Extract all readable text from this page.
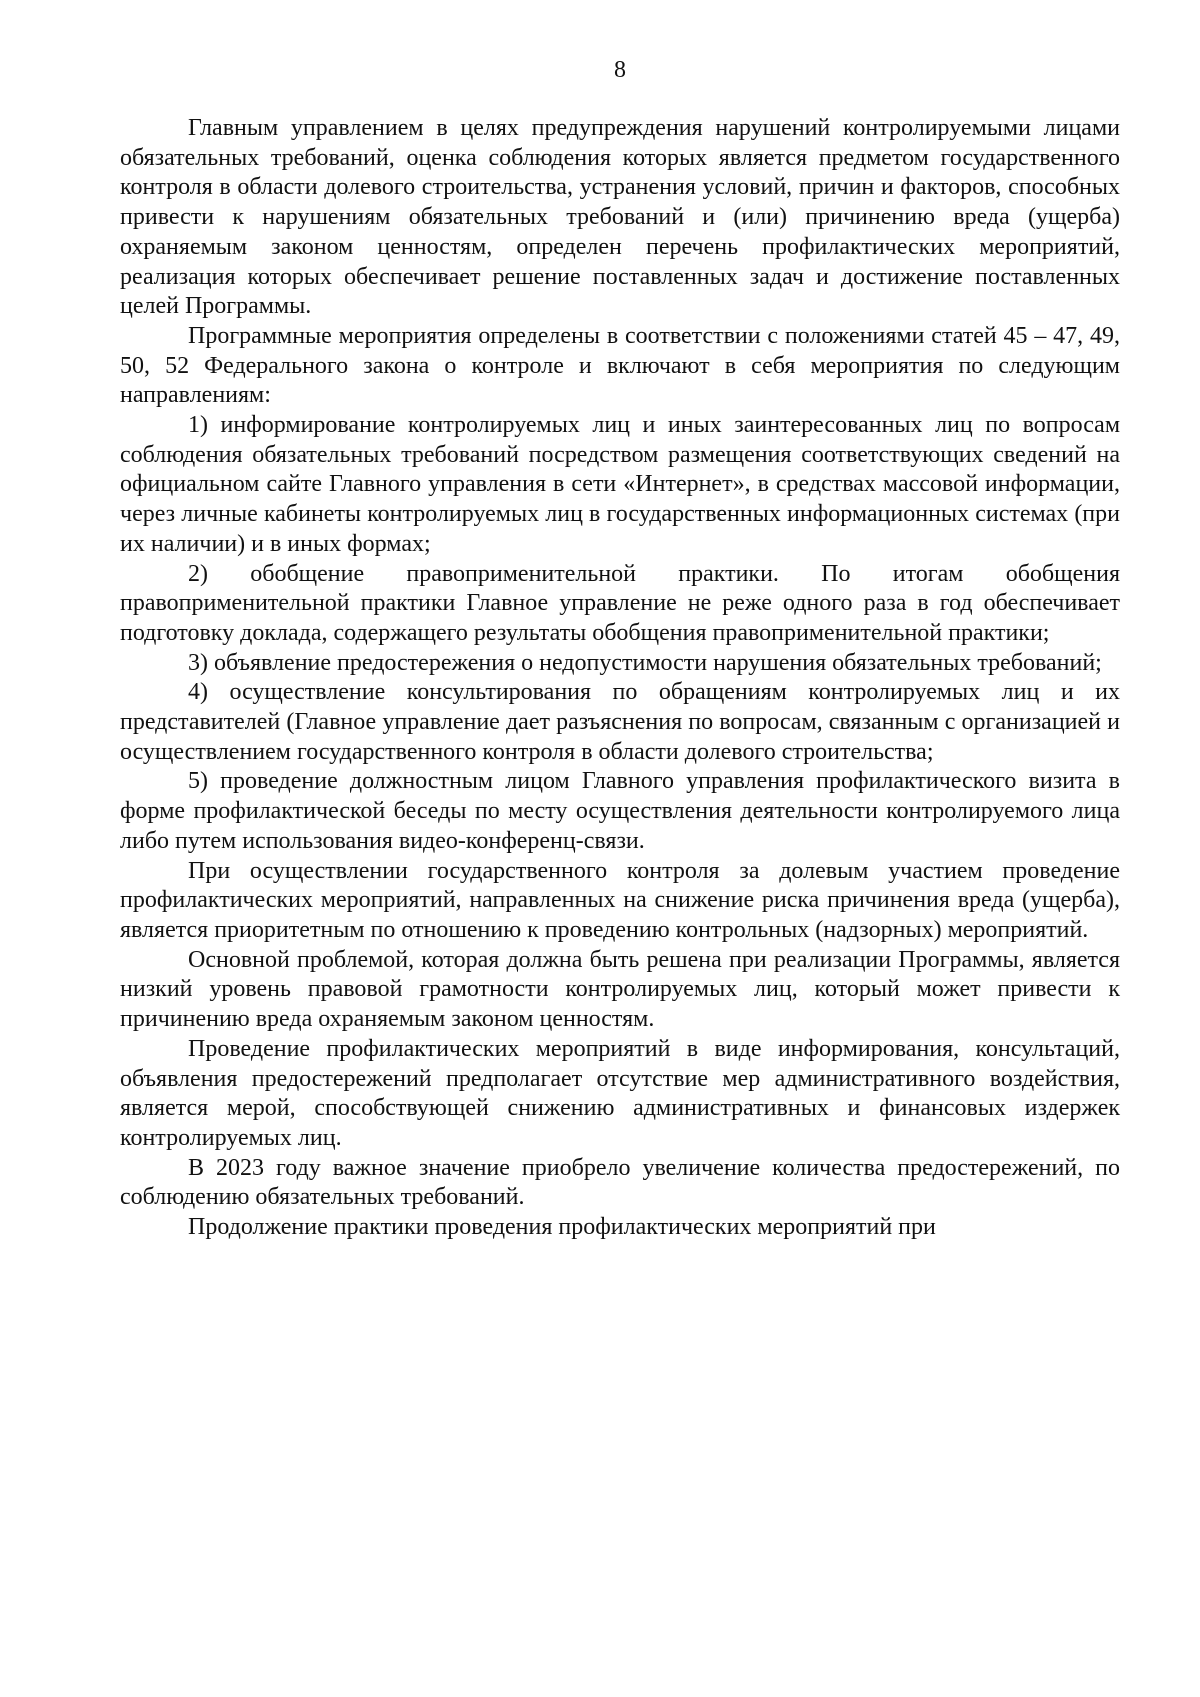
8

Главным управлением в целях предупреждения нарушений контролируемыми лицами обязательных требований, оценка соблюдения которых является предметом государственного контроля в области долевого строительства, устранения условий, причин и факторов, способных привести к нарушениям обязательных требований и (или) причинению вреда (ущерба) охраняемым законом ценностям, определен перечень профилактических мероприятий, реализация которых обеспечивает решение поставленных задач и достижение поставленных целей Программы.

Программные мероприятия определены в соответствии с положениями статей 45 – 47, 49, 50, 52 Федерального закона о контроле и включают в себя мероприятия по следующим направлениям:

1) информирование контролируемых лиц и иных заинтересованных лиц по вопросам соблюдения обязательных требований посредством размещения соответствующих сведений на официальном сайте Главного управления в сети «Интернет», в средствах массовой информации, через личные кабинеты контролируемых лиц в государственных информационных системах (при их наличии) и в иных формах;

2) обобщение правоприменительной практики. По итогам обобщения правоприменительной практики Главное управление не реже одного раза в год обеспечивает подготовку доклада, содержащего результаты обобщения правоприменительной практики;

3) объявление предостережения о недопустимости нарушения обязательных требований;

4) осуществление консультирования по обращениям контролируемых лиц и их представителей (Главное управление дает разъяснения по вопросам, связанным с организацией и осуществлением государственного контроля в области долевого строительства;

5) проведение должностным лицом Главного управления профилактического визита в форме профилактической беседы по месту осуществления деятельности контролируемого лица либо путем использования видео-конференц-связи.

При осуществлении государственного контроля за долевым участием проведение профилактических мероприятий, направленных на снижение риска причинения вреда (ущерба), является приоритетным по отношению к проведению контрольных (надзорных) мероприятий.

Основной проблемой, которая должна быть решена при реализации Программы, является низкий уровень правовой грамотности контролируемых лиц, который может привести к причинению вреда охраняемым законом ценностям.

Проведение профилактических мероприятий в виде информирования, консультаций, объявления предостережений предполагает отсутствие мер административного воздействия, является мерой, способствующей снижению административных и финансовых издержек контролируемых лиц.

В 2023 году важное значение приобрело увеличение количества предостережений, по соблюдению обязательных требований.

Продолжение практики проведения профилактических мероприятий при
